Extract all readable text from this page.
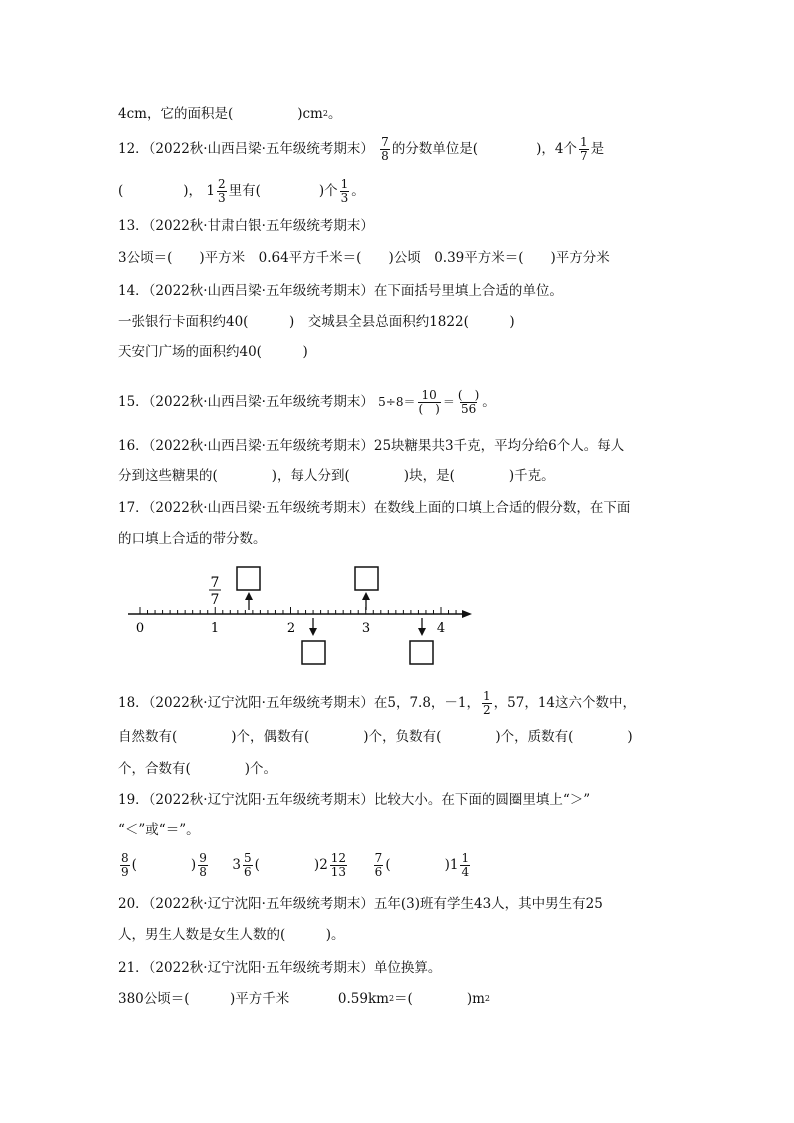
4cm，它的面积是(	)$cm^2$。
12．（2022秋·山西吕梁·五年级统考期末） $\frac{7}{8}$ 的分数单位是(	)，4个 $\frac{1}{7}$ 是
(	)， $1 \frac{2}{3}$ 里有(	)个 $\frac{1}{3}$ 。
13．（2022秋·甘肃白银·五年级统考期末）
3公顷＝(　　)平方米　0.64平方千米＝(　　)公顷　0.39平方米＝(　　)平方分米
14．（2022秋·山西吕梁·五年级统考期末）在下面括号里填上合适的单位。
一张银行卡面积约40(　　　)　交城县全县总面积约1822(　　　)
天安门广场的面积约40(　　　)
15．（2022秋·山西吕梁·五年级统考期末） 5÷8＝ 10
(　) ＝ (　)
56 。
16．（2022秋·山西吕梁·五年级统考期末）25块糖果共3千克，平均分给6个人。每人
分到这些糖果的(　　　　)，每人分到(　　　　)块，是(　　　　)千克。
17．（2022秋·山西吕梁·五年级统考期末）在数线上面的口填上合适的假分数，在下面
的口填上合适的带分数。
0	1	2	3	4
7
7
18．（2022秋·辽宁沈阳·五年级统考期末）在5，7.8，－1， $\frac{1}{2}$ ，57，14这六个数中，
自然数有(　　　　)个，偶数有(　　　　)个，负数有(　　　　)个，质数有(　　　　)
个，合数有(　　　　)个。
19．（2022秋·辽宁沈阳·五年级统考期末）比较大小。在下面的圆圈里填上“＞”
“＜”或“＝”。
$\frac{8}{9}$ (　　　　) $\frac{9}{8} 3 \frac{5}{6}$ (　　　　)$2 \frac{12}{13}$
$\frac{7}{6}$ (　　　　)$1 \frac{1}{4}$
20．（2022秋·辽宁沈阳·五年级统考期末）五年(3)班有学生43人，其中男生有25
人，男生人数是女生人数的(　　　)。
21．（2022秋·辽宁沈阳·五年级统考期末）单位换算。
380公顷＝(　　　)平方千米	$0.59km^2=$(　　　　)$m^2$
